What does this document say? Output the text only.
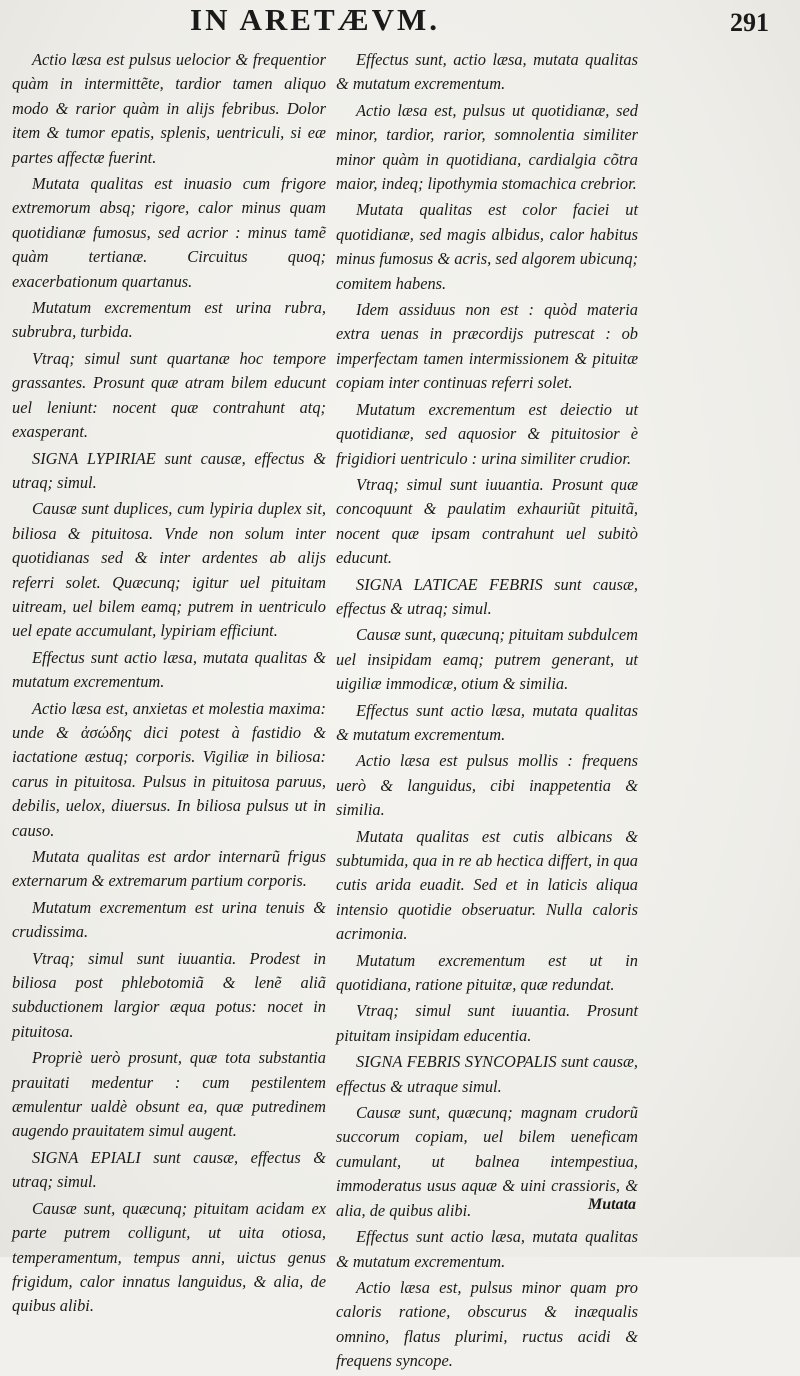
IN ARETÆVM.	291

Actio læsa est pulsus uelocior & frequentior quàm in intermittẽte, tardior tamen aliquo modo & rarior quàm in alijs febribus. Dolor item & tumor epatis, splenis, uentriculi, si eæ partes affectæ fuerint.

Mutata qualitas est inuasio cum frigore extremorum absq; rigore, calor minus quam quotidianæ fumosus, sed acrior : minus tamẽ quàm tertianæ. Circuitus quoq; exacerbationum quartanus.

Mutatum excrementum est urina rubra, subrubra, turbida.

Vtraq; simul sunt quartanæ hoc tempore grassantes. Prosunt quæ atram bilem educunt uel leniunt: nocent quæ contrahunt atq; exasperant.

SIGNA LYPIRIAE sunt causæ, effectus & utraq; simul.

Causæ sunt duplices, cum lypiria duplex sit, biliosa & pituitosa. Vnde non solum inter quotidianas sed & inter ardentes ab alijs referri solet. Quæcunq; igitur uel pituitam uitream, uel bilem eamq; putrem in uentriculo uel epate accumulant, lypiriam efficiunt.

Effectus sunt actio læsa, mutata qualitas & mutatum excrementum.

Actio læsa est, anxietas et molestia maxima: unde & ἀσώδης dici potest à fastidio & iactatione æstuq; corporis. Vigiliæ in biliosa: carus in pituitosa. Pulsus in pituitosa paruus, debilis, uelox, diuersus. In biliosa pulsus ut in causo.

Mutata qualitas est ardor internarũ frigus externarum & extremarum partium corporis.

Mutatum excrementum est urina tenuis & crudissima.

Vtraq; simul sunt iuuantia. Prodest in biliosa post phlebotomiã & lenẽ aliã subductionem largior æqua potus: nocet in pituitosa.

Propriè uerò prosunt, quæ tota substantia prauitati medentur : cum pestilentem æmulentur ualdè obsunt ea, quæ putredinem augendo prauitatem simul augent.

SIGNA EPIALI sunt causæ, effectus & utraq; simul.

Causæ sunt, quæcunq; pituitam acidam ex parte putrem colligunt, ut uita otiosa, temperamentum, tempus anni, uictus genus frigidum, calor innatus languidus, & alia, de quibus alibi.

Effectus sunt, actio læsa, mutata qualitas & mutatum excrementum.

Actio læsa est, pulsus ut quotidianæ, sed minor, tardior, rarior, somnolentia similiter minor quàm in quotidiana, cardialgia cõtra maior, indeq; lipothymia stomachica crebrior.

Mutata qualitas est color faciei ut quotidianæ, sed magis albidus, calor habitus minus fumosus & acris, sed algorem ubicunq; comitem habens.

Idem assiduus non est : quòd materia extra uenas in præcordijs putrescat : ob imperfectam tamen intermissionem & pituitæ copiam inter continuas referri solet.

Mutatum excrementum est deiectio ut quotidianæ, sed aquosior & pituitosior è frigidiori uentriculo : urina similiter crudior.

Vtraq; simul sunt iuuantia. Prosunt quæ concoquunt & paulatim exhauriũt pituitã, nocent quæ ipsam contrahunt uel subitò educunt.

SIGNA LATICAE FEBRIS sunt causæ, effectus & utraq; simul.

Causæ sunt, quæcunq; pituitam subdulcem uel insipidam eamq; putrem generant, ut uigiliæ immodicæ, otium & similia.

Effectus sunt actio læsa, mutata qualitas & mutatum excrementum.

Actio læsa est pulsus mollis : frequens uerò & languidus, cibi inappetentia & similia.

Mutata qualitas est cutis albicans & subtumida, qua in re ab hectica differt, in qua cutis arida euadit. Sed et in laticis aliqua intensio quotidie obseruatur. Nulla caloris acrimonia.

Mutatum excrementum est ut in quotidiana, ratione pituitæ, quæ redundat.

Vtraq; simul sunt iuuantia. Prosunt pituitam insipidam educentia.

SIGNA FEBRIS SYNCOPALIS sunt causæ, effectus & utraque simul.

Causæ sunt, quæcunq; magnam crudorũ succorum copiam, uel bilem ueneficam cumulant, ut balnea intempestiua, immoderatus usus aquæ & uini crassioris, & alia, de quibus alibi.

Effectus sunt actio læsa, mutata qualitas & mutatum excrementum.

Actio læsa est, pulsus minor quam pro caloris ratione, obscurus & inæqualis omnino, flatus plurimi, ructus acidi & frequens syncope.

Mutata
